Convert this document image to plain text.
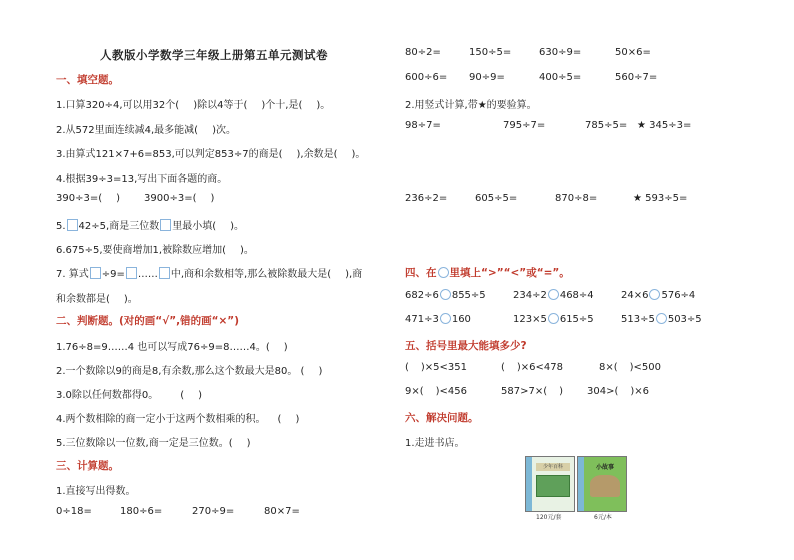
人教版小学数学三年级上册第五单元测试卷
一、填空题。
1.口算320÷4,可以用32个( )除以4等于( )个十,是( )。
2.从572里面连续减4,最多能减( )次。
3.由算式121×7+6=853,可以判定853÷7的商是( ),余数是( )。
4.根据39÷3=13,写出下面各题的商。
390÷3=( ) 3900÷3=( )
5. 42÷5,商是三位数 里最小填( )。
6.675÷5,要使商增加1,被除数应增加( )。
7. 算式 ÷9= …… 中,商和余数相等,那么被除数最大是( ),商
和余数都是( )。
二、判断题。(对的画“√”,错的画“×”)
1.76÷8=9……4 也可以写成76÷9=8……4。( )
2.一个数除以9的商是8,有余数,那么这个数最大是80。 ( )
3.0除以任何数都得0。 ( )
4.两个数相除的商一定小于这两个数相乘的积。 ( )
5.三位数除以一位数,商一定是三位数。( )
三、计算题。
1.直接写出得数。
0÷18=	180÷6=	270÷9=	80×7=
80÷2=	150÷5=	630÷9=	50×6=
600÷6= 90÷9=	400÷5=	560÷7=
2.用竖式计算,带★的要验算。
98÷7=	795÷7=	785÷5= ★ 345÷3=
236÷2=	605÷5=	870÷8=	★ 593÷5=
四、在 里填上“>”“<”或“=”。
682÷6 855÷5	234÷2 468÷4	24×6 576÷4
471÷3 160	123×5 615÷5	513÷5 503÷5
五、括号里最大能填多少?
( )×5<351	( )×6<478	8×( )<500
9×( )<456	587>7×( ) 304>( )×6
六、解决问题。
1.走进书店。
少年百科	小故事
120元/套	6元/本
